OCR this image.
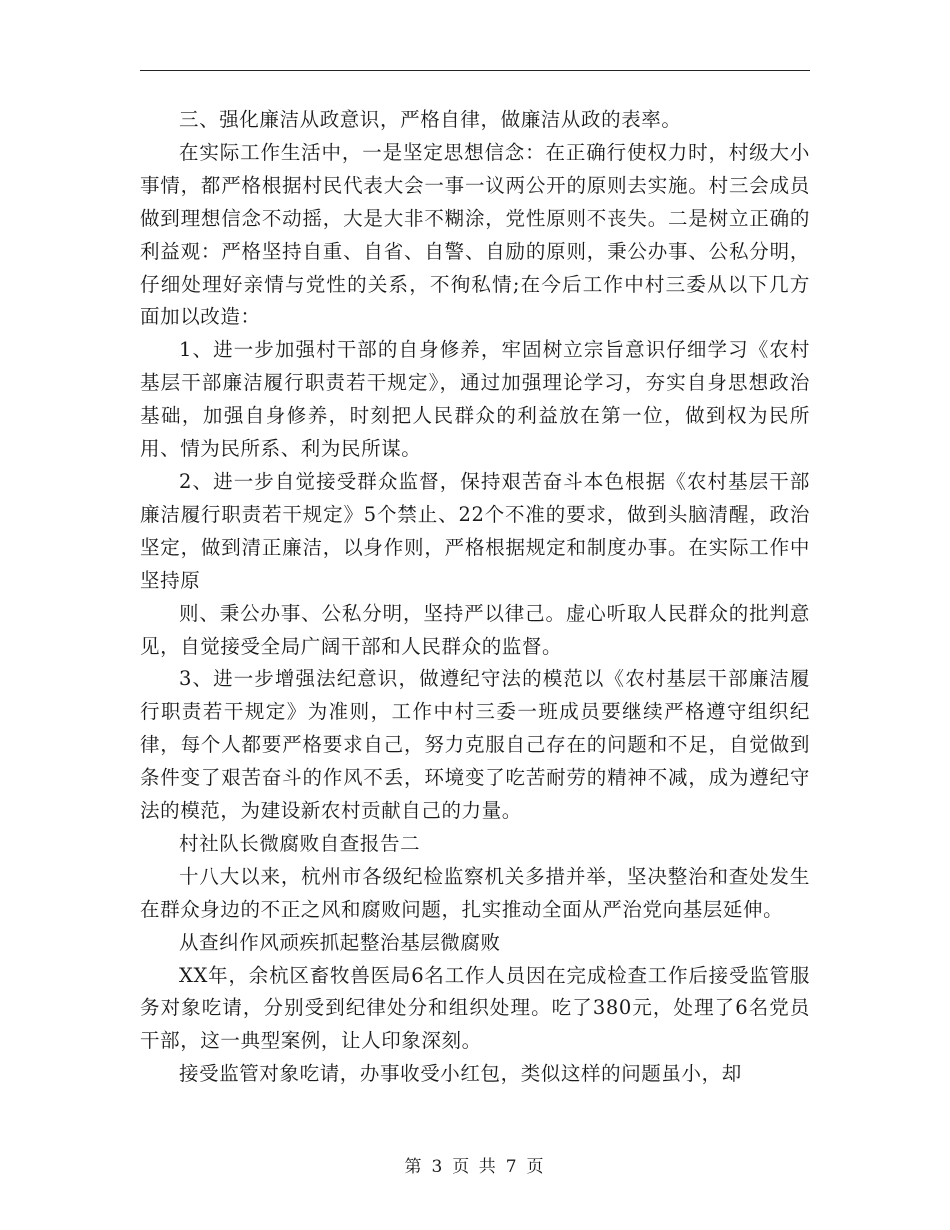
三、强化廉洁从政意识，严格自律，做廉洁从政的表率。

在实际工作生活中，一是坚定思想信念：在正确行使权力时，村级大小事情，都严格根据村民代表大会一事一议两公开的原则去实施。村三会成员做到理想信念不动摇，大是大非不糊涂，党性原则不丧失。二是树立正确的利益观：严格坚持自重、自省、自警、自励的原则，秉公办事、公私分明，仔细处理好亲情与党性的关系，不徇私情;在今后工作中村三委从以下几方面加以改造：

1、进一步加强村干部的自身修养，牢固树立宗旨意识仔细学习《农村基层干部廉洁履行职责若干规定》，通过加强理论学习，夯实自身思想政治基础，加强自身修养，时刻把人民群众的利益放在第一位，做到权为民所用、情为民所系、利为民所谋。

2、进一步自觉接受群众监督，保持艰苦奋斗本色根据《农村基层干部廉洁履行职责若干规定》5个禁止、22个不准的要求，做到头脑清醒，政治坚定，做到清正廉洁，以身作则，严格根据规定和制度办事。在实际工作中坚持原

则、秉公办事、公私分明，坚持严以律己。虚心听取人民群众的批判意见，自觉接受全局广阔干部和人民群众的监督。

3、进一步增强法纪意识，做遵纪守法的模范以《农村基层干部廉洁履行职责若干规定》为准则，工作中村三委一班成员要继续严格遵守组织纪律，每个人都要严格要求自己，努力克服自己存在的问题和不足，自觉做到条件变了艰苦奋斗的作风不丢，环境变了吃苦耐劳的精神不减，成为遵纪守法的模范，为建设新农村贡献自己的力量。

村社队长微腐败自查报告二

十八大以来，杭州市各级纪检监察机关多措并举，坚决整治和查处发生在群众身边的不正之风和腐败问题，扎实推动全面从严治党向基层延伸。

从查纠作风顽疾抓起整治基层微腐败

XX年，余杭区畜牧兽医局6名工作人员因在完成检查工作后接受监管服务对象吃请，分别受到纪律处分和组织处理。吃了380元，处理了6名党员干部，这一典型案例，让人印象深刻。

接受监管对象吃请，办事收受小红包，类似这样的问题虽小，却

第 3 页 共 7 页
